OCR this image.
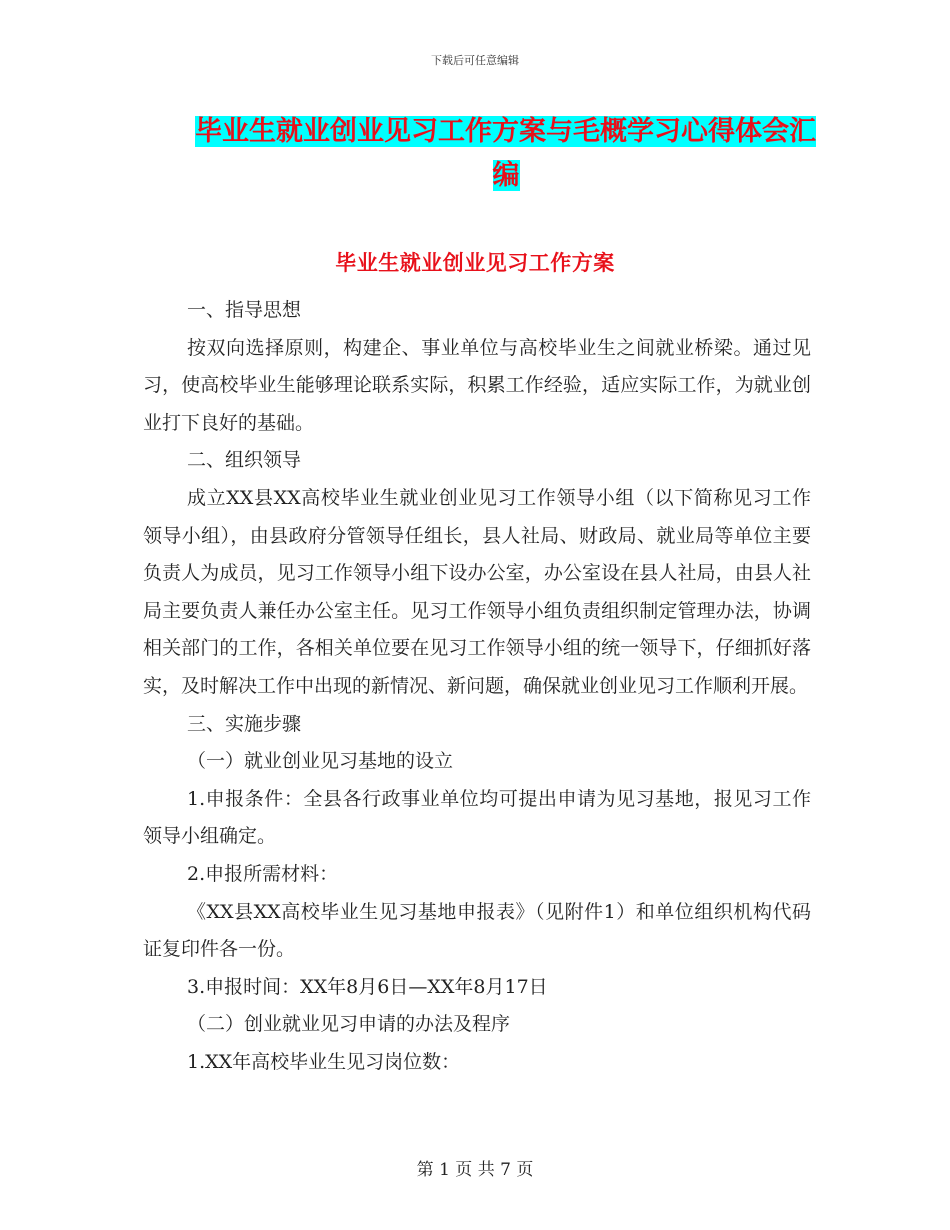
下载后可任意编辑
毕业生就业创业见习工作方案与毛概学习心得体会汇
编
毕业生就业创业见习工作方案

一、指导思想

按双向选择原则，构建企、事业单位与高校毕业生之间就业桥梁。通过见习，使高校毕业生能够理论联系实际，积累工作经验，适应实际工作，为就业创业打下良好的基础。

二、组织领导

成立XX县XX高校毕业生就业创业见习工作领导小组（以下简称见习工作领导小组），由县政府分管领导任组长，县人社局、财政局、就业局等单位主要负责人为成员，见习工作领导小组下设办公室，办公室设在县人社局，由县人社局主要负责人兼任办公室主任。见习工作领导小组负责组织制定管理办法，协调相关部门的工作，各相关单位要在见习工作领导小组的统一领导下，仔细抓好落实，及时解决工作中出现的新情况、新问题，确保就业创业见习工作顺利开展。

三、实施步骤

（一）就业创业见习基地的设立

1.申报条件：全县各行政事业单位均可提出申请为见习基地，报见习工作领导小组确定。

2.申报所需材料：

《XX县XX高校毕业生见习基地申报表》（见附件1）和单位组织机构代码证复印件各一份。

3.申报时间：XX年8月6日—XX年8月17日

（二）创业就业见习申请的办法及程序

1.XX年高校毕业生见习岗位数：

第 1 页 共 7 页
